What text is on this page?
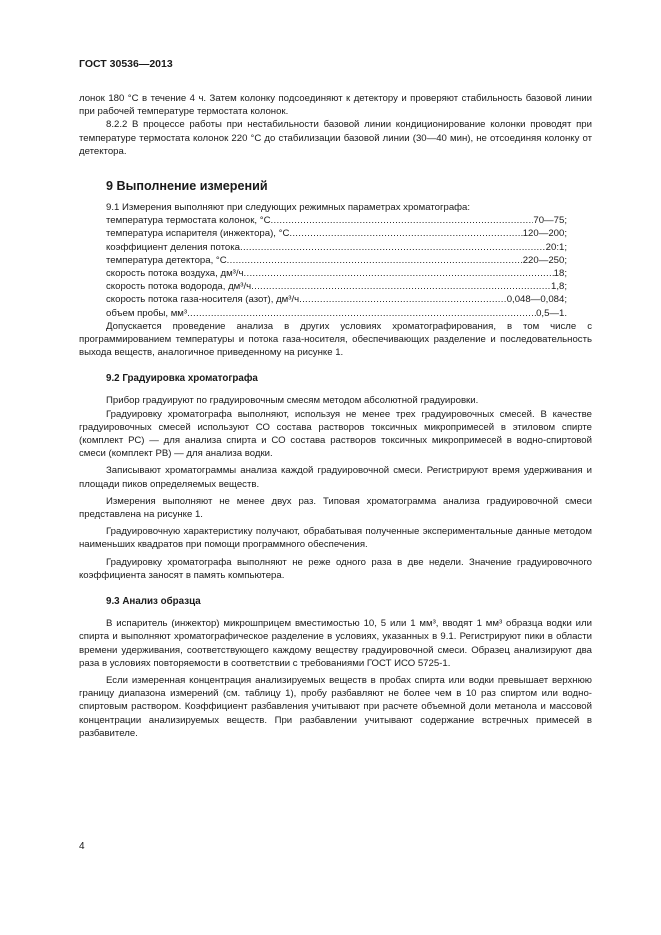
ГОСТ 30536—2013

лонок 180 °С в течение 4 ч. Затем колонку подсоединяют к детектору и проверяют стабильность базовой линии при рабочей температуре термостата колонок.

8.2.2 В процессе работы при нестабильности базовой линии кондиционирование колонки проводят при температуре термостата колонок 220 °С до стабилизации базовой линии (30—40 мин), не отсоединяя колонку от детектора.

9 Выполнение измерений

9.1 Измерения выполняют при следующих режимных параметрах хроматографа:

температура термостата колонок, °С .....	70—75;
температура испарителя (инжектора), °С .....	120—200;
коэффициент деления потока .....	20:1;
температура детектора, °С .....	220—250;
скорость потока воздуха, дм³/ч .....	18;
скорость потока водорода, дм³/ч .....	1,8;
скорость потока газа-носителя (азот), дм³/ч .....	0,048—0,084;
объем пробы, мм³ .....	0,5—1.

Допускается проведение анализа в других условиях хроматографирования, в том числе с программированием температуры и потока газа-носителя, обеспечивающих разделение и последовательность выхода веществ, аналогичное приведенному на рисунке 1.

9.2 Градуировка хроматографа

Прибор градуируют по градуировочным смесям методом абсолютной градуировки.

Градуировку хроматографа выполняют, используя не менее трех градуировочных смесей. В качестве градуировочных смесей используют СО состава растворов токсичных микропримесей в этиловом спирте (комплект РС) — для анализа спирта и СО состава растворов токсичных микропримесей в водно-спиртовой смеси (комплект РВ) — для анализа водки.

Записывают хроматограммы анализа каждой градуировочной смеси. Регистрируют время удерживания и площади пиков определяемых веществ.

Измерения выполняют не менее двух раз. Типовая хроматограмма анализа градуировочной смеси представлена на рисунке 1.

Градуировочную характеристику получают, обрабатывая полученные экспериментальные данные методом наименьших квадратов при помощи программного обеспечения.

Градуировку хроматографа выполняют не реже одного раза в две недели. Значение градуировочного коэффициента заносят в память компьютера.

9.3 Анализ образца

В испаритель (инжектор) микрошприцем вместимостью 10, 5 или 1 мм³, вводят 1 мм³ образца водки или спирта и выполняют хроматографическое разделение в условиях, указанных в 9.1. Регистрируют пики в области времени удерживания, соответствующего каждому веществу градуировочной смеси. Образец анализируют два раза в условиях повторяемости в соответствии с требованиями ГОСТ ИСО 5725-1.

Если измеренная концентрация анализируемых веществ в пробах спирта или водки превышает верхнюю границу диапазона измерений (см. таблицу 1), пробу разбавляют не более чем в 10 раз спиртом или водно-спиртовым раствором. Коэффициент разбавления учитывают при расчете объемной доли метанола и массовой концентрации анализируемых веществ. При разбавлении учитывают содержание встречных примесей в разбавителе.

4
